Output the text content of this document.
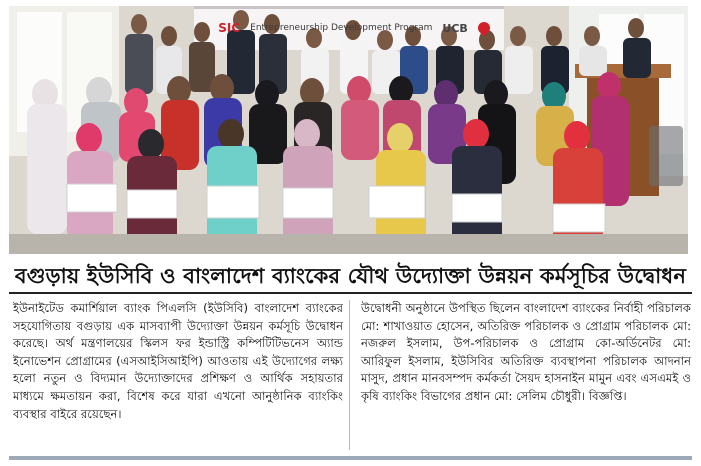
SIC Entrepreneurship Development Program UCB
বগুড়ায় ইউসিবি ও বাংলাদেশ ব্যাংকের যৌথ উদ্যোক্তা উন্নয়ন কর্মসূচির উদ্বোধন
ইউনাইটেড কমার্শিয়াল ব্যাংক পিএলসি (ইউসিবি) বাংলাদেশ ব্যাংকের সহযোগিতায় বগুড়ায় এক মাসব্যাপী উদ্যোক্তা উন্নয়ন কর্মসূচি উদ্বোধন করেছে। অর্থ মন্ত্রণালয়ের স্কিলস ফর ইন্ডাস্ট্রি কম্পিটিটিভনেস অ্যান্ড ইনোভেশন প্রোগ্রামের (এসআইসিআইপি) আওতায় এই উদ্যোগের লক্ষ্য হলো নতুন ও বিদ্যমান উদ্যোক্তাদের প্রশিক্ষণ ও আর্থিক সহায়তার মাধ্যমে ক্ষমতায়ন করা, বিশেষ করে যারা এখনো আনুষ্ঠানিক ব্যাংকিং ব্যবস্থার বাইরে রয়েছেন।
উদ্বোধনী অনুষ্ঠানে উপস্থিত ছিলেন বাংলাদেশ ব্যাংকের নির্বাহী পরিচালক মো: শাখাওয়াত হোসেন, অতিরিক্ত পরিচালক ও প্রোগ্রাম পরিচালক মো: নজরুল ইসলাম, উপ-পরিচালক ও প্রোগ্রাম কো-অর্ডিনেটর মো: আরিফুল ইসলাম, ইউসিবির অতিরিক্ত ব্যবস্থাপনা পরিচালক আদনান মাসুদ, প্রধান মানবসম্পদ কর্মকর্তা সৈয়দ হাসনাইন মামুন এবং এসএমই ও কৃষি ব্যাংকিং বিভাগের প্রধান মো: সেলিম চৌধুরী। বিজ্ঞপ্তি।
